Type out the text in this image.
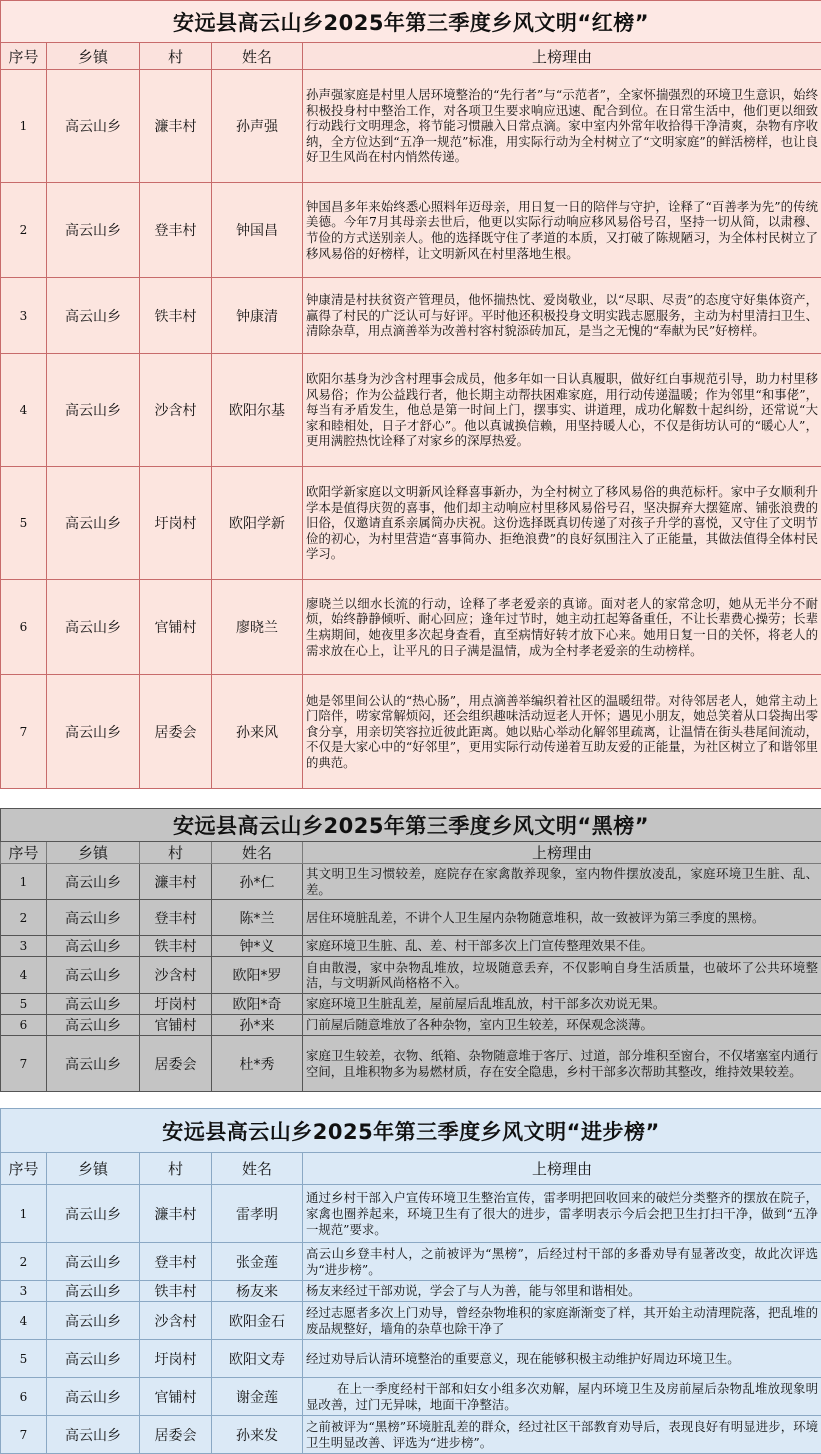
安远县高云山乡2025年第三季度乡风文明“红榜”				
序号	乡镇	村	姓名	上榜理由
1	高云山乡	濂丰村	孙声强	孙声强家庭是村里人居环境整治的“先行者”与“示范者”，全家怀揣强烈的环境卫生意识，始终积极投身村中整治工作，对各项卫生要求响应迅速、配合到位。在日常生活中，他们更以细致行动践行文明理念，将节能习惯融入日常点滴。家中室内外常年收拾得干净清爽，杂物有序收纳，全方位达到“五净一规范”标准，用实际行动为全村树立了“文明家庭”的鲜活榜样，也让良好卫生风尚在村内悄然传递。
2	高云山乡	登丰村	钟国昌	钟国昌多年来始终悉心照料年迈母亲，用日复一日的陪伴与守护，诠释了“百善孝为先”的传统美德。今年7月其母亲去世后，他更以实际行动响应移风易俗号召，坚持一切从简，以肃穆、节俭的方式送别亲人。他的选择既守住了孝道的本质，又打破了陈规陋习，为全体村民树立了移风易俗的好榜样，让文明新风在村里落地生根。
3	高云山乡	铁丰村	钟康清	钟康清是村扶贫资产管理员，他怀揣热忱、爱岗敬业，以“尽职、尽责”的态度守好集体资产，赢得了村民的广泛认可与好评。平时他还积极投身文明实践志愿服务，主动为村里清扫卫生、清除杂草，用点滴善举为改善村容村貌添砖加瓦，是当之无愧的“奉献为民”好榜样。
4	高云山乡	沙含村	欧阳尔基	欧阳尔基身为沙含村理事会成员，他多年如一日认真履职，做好红白事规范引导，助力村里移风易俗；作为公益践行者，他长期主动帮扶困难家庭，用行动传递温暖；作为邻里“和事佬”，每当有矛盾发生，他总是第一时间上门，摆事实、讲道理，成功化解数十起纠纷，还常说“大家和睦相处，日子才舒心”。他以真诚换信赖，用坚持暖人心，不仅是街坊认可的“暖心人”，更用满腔热忱诠释了对家乡的深厚热爱。
5	高云山乡	圩岗村	欧阳学新	欧阳学新家庭以文明新风诠释喜事新办，为全村树立了移风易俗的典范标杆。家中子女顺利升学本是值得庆贺的喜事，他们却主动响应村里移风易俗号召，坚决摒弃大摆筵席、铺张浪费的旧俗，仅邀请直系亲属简办庆祝。这份选择既真切传递了对孩子升学的喜悦，又守住了文明节俭的初心，为村里营造“喜事简办、拒绝浪费”的良好氛围注入了正能量，其做法值得全体村民学习。
6	高云山乡	官铺村	廖晓兰	廖晓兰以细水长流的行动，诠释了孝老爱亲的真谛。面对老人的家常念叨，她从无半分不耐烦，始终静静倾听、耐心回应；逢年过节时，她主动扛起筹备重任，不让长辈费心操劳；长辈生病期间，她夜里多次起身查看，直至病情好转才放下心来。她用日复一日的关怀，将老人的需求放在心上，让平凡的日子满是温情，成为全村孝老爱亲的生动榜样。
7	高云山乡	居委会	孙来风	她是邻里间公认的“热心肠”，用点滴善举编织着社区的温暖纽带。对待邻居老人，她常主动上门陪伴，唠家常解烦闷，还会组织趣味活动逗老人开怀；遇见小朋友，她总笑着从口袋掏出零食分享，用亲切笑容拉近彼此距离。她以贴心举动化解邻里疏离，让温情在街头巷尾间流动，不仅是大家心中的“好邻里”，更用实际行动传递着互助友爱的正能量，为社区树立了和谐邻里的典范。
安远县高云山乡2025年第三季度乡风文明“黑榜”				
序号	乡镇	村	姓名	上榜理由
1	高云山乡	濂丰村	孙*仁	其文明卫生习惯较差，庭院存在家禽散养现象，室内物件摆放凌乱，家庭环境卫生脏、乱、差。
2	高云山乡	登丰村	陈*兰	居住环境脏乱差，不讲个人卫生屋内杂物随意堆积，故一致被评为第三季度的黑榜。
3	高云山乡	铁丰村	钟*义	家庭环境卫生脏、乱、差、村干部多次上门宣传整理效果不佳。
4	高云山乡	沙含村	欧阳*罗	自由散漫，家中杂物乱堆放，垃圾随意丢弃，不仅影响自身生活质量，也破坏了公共环境整洁，与文明新风尚格格不入。
5	高云山乡	圩岗村	欧阳*奇	家庭环境卫生脏乱差，屋前屋后乱堆乱放，村干部多次劝说无果。
6	高云山乡	官铺村	孙*来	门前屋后随意堆放了各种杂物，室内卫生较差，环保观念淡薄。
7	高云山乡	居委会	杜*秀	家庭卫生较差，衣物、纸箱、杂物随意堆于客厅、过道，部分堆积至窗台，不仅堵塞室内通行空间，且堆积物多为易燃材质，存在安全隐患，乡村干部多次帮助其整改，维持效果较差。
安远县高云山乡2025年第三季度乡风文明“进步榜”				
序号	乡镇	村	姓名	上榜理由
1	高云山乡	濂丰村	雷孝明	通过乡村干部入户宣传环境卫生整治宣传，雷孝明把回收回来的破烂分类整齐的摆放在院子，家禽也圈养起来，环境卫生有了很大的进步，雷孝明表示今后会把卫生打扫干净，做到“五净一规范”要求。
2	高云山乡	登丰村	张金莲	高云山乡登丰村人，之前被评为“黑榜”，后经过村干部的多番劝导有显著改变，故此次评选为“进步榜”。
3	高云山乡	铁丰村	杨友来	杨友来经过干部劝说，学会了与人为善，能与邻里和谐相处。
4	高云山乡	沙含村	欧阳金石	经过志愿者多次上门劝导，曾经杂物堆积的家庭渐渐变了样，其开始主动清理院落，把乱堆的废品规整好，墙角的杂草也除干净了
5	高云山乡	圩岗村	欧阳文寿	经过劝导后认清环境整治的重要意义，现在能够积极主动维护好周边环境卫生。
6	高云山乡	官铺村	谢金莲	在上一季度经村干部和妇女小组多次劝解，屋内环境卫生及房前屋后杂物乱堆放现象明显改善，过门无异味，地面干净整洁。
7	高云山乡	居委会	孙来发	之前被评为“黑榜”环境脏乱差的群众，经过社区干部教育劝导后，表现良好有明显进步，环境卫生明显改善、评选为“进步榜”。
